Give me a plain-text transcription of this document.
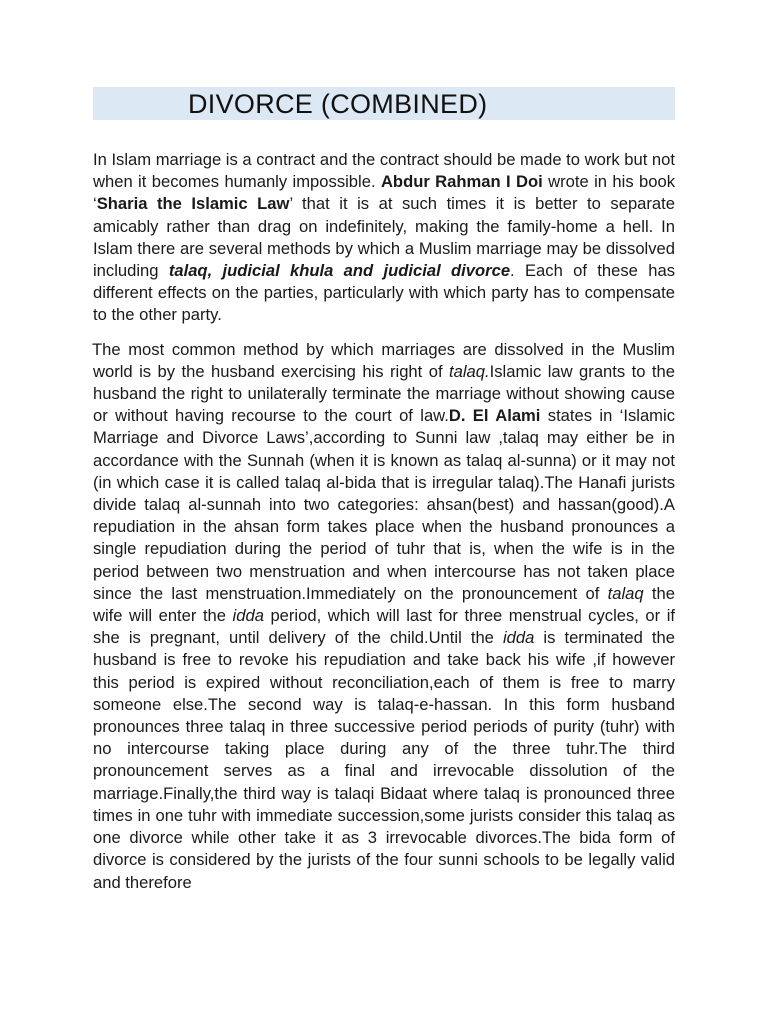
DIVORCE (COMBINED)

In Islam marriage is a contract and the contract should be made to work but not when it becomes humanly impossible. Abdur Rahman I Doi wrote in his book ‘Sharia the Islamic Law’ that it is at such times it is better to separate amicably rather than drag on indefinitely, making the family-home a hell. In Islam there are several methods by which a Muslim marriage may be dissolved including talaq, judicial khula and judicial divorce. Each of these has different effects on the parties, particularly with which party has to compensate to the other party.

The most common method by which marriages are dissolved in the Muslim world is by the husband exercising his right of talaq.Islamic law grants to the husband the right to unilaterally terminate the marriage without showing cause or without having recourse to the court of law.D. El Alami states in ‘Islamic Marriage and Divorce Laws’,according to Sunni law ,talaq may either be in accordance with the Sunnah (when it is known as talaq al-sunna) or it may not (in which case it is called talaq al-bida that is irregular talaq).The Hanafi jurists divide talaq al-sunnah into two categories: ahsan(best) and hassan(good).A repudiation in the ahsan form takes place when the husband pronounces a single repudiation during the period of tuhr that is, when the wife is in the period between two menstruation and when intercourse has not taken place since the last menstruation.Immediately on the pronouncement of talaq the wife will enter the idda period, which will last for three menstrual cycles, or if she is pregnant, until delivery of the child.Until the idda is terminated the husband is free to revoke his repudiation and take back his wife ,if however this period is expired without reconciliation,each of them is free to marry someone else.The second way is talaq-e-hassan. In this form husband pronounces three talaq in three successive period periods of purity (tuhr) with no intercourse taking place during any of the three tuhr.The third pronouncement serves as a final and irrevocable dissolution of the marriage.Finally,the third way is talaqi Bidaat where talaq is pronounced three times in one tuhr with immediate succession,some jurists consider this talaq as one divorce while other take it as 3 irrevocable divorces.The bida form of divorce is considered by the jurists of the four sunni schools to be legally valid and therefore
